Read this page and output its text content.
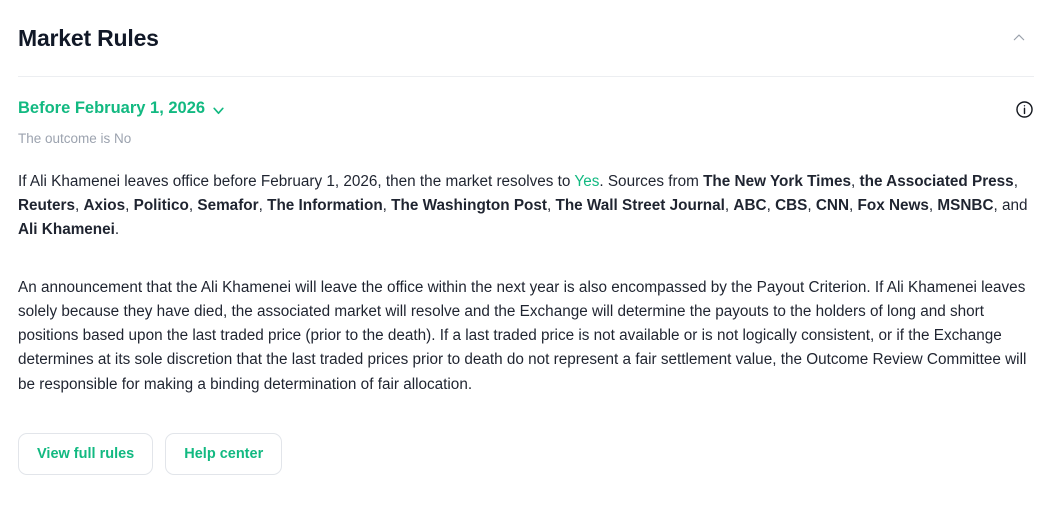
Market Rules
Before February 1, 2026
The outcome is No
If Ali Khamenei leaves office before February 1, 2026, then the market resolves to Yes. Sources from The New York Times, the Associated Press, Reuters, Axios, Politico, Semafor, The Information, The Washington Post, The Wall Street Journal, ABC, CBS, CNN, Fox News, MSNBC, and Ali Khamenei.
An announcement that the Ali Khamenei will leave the office within the next year is also encompassed by the Payout Criterion. If Ali Khamenei leaves solely because they have died, the associated market will resolve and the Exchange will determine the payouts to the holders of long and short positions based upon the last traded price (prior to the death). If a last traded price is not available or is not logically consistent, or if the Exchange determines at its sole discretion that the last traded prices prior to death do not represent a fair settlement value, the Outcome Review Committee will be responsible for making a binding determination of fair allocation.
View full rules	Help center
